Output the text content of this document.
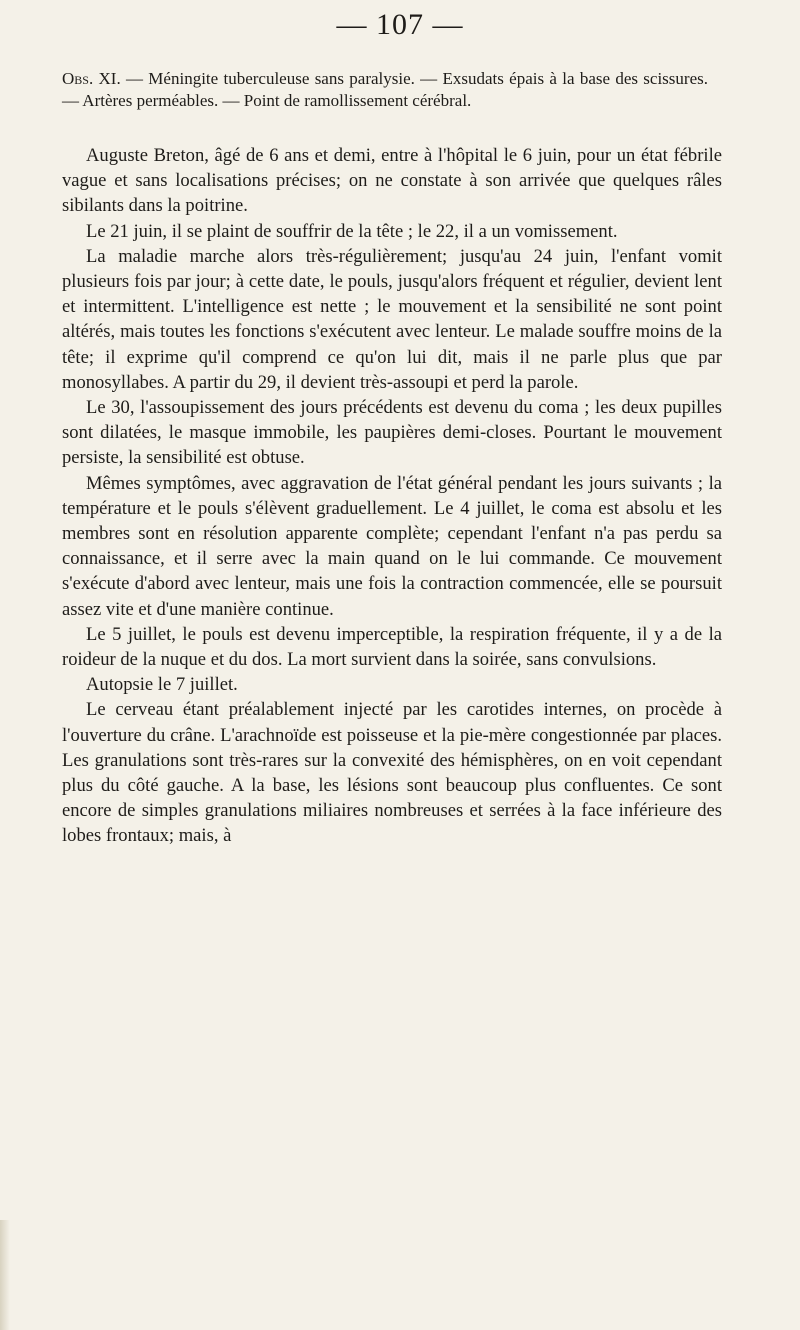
— 107 —
Obs. XI. — Méningite tuberculeuse sans paralysie. — Exsudats épais à la base des scissures. — Artères perméables. — Point de ramollissement cérébral.

Auguste Breton, âgé de 6 ans et demi, entre à l'hôpital le 6 juin, pour un état fébrile vague et sans localisations précises; on ne constate à son arrivée que quelques râles sibilants dans la poitrine.

Le 21 juin, il se plaint de souffrir de la tête ; le 22, il a un vomissement.

La maladie marche alors très-régulièrement; jusqu'au 24 juin, l'enfant vomit plusieurs fois par jour; à cette date, le pouls, jusqu'alors fréquent et régulier, devient lent et intermittent. L'intelligence est nette ; le mouvement et la sensibilité ne sont point altérés, mais toutes les fonctions s'exécutent avec lenteur. Le malade souffre moins de la tête; il exprime qu'il comprend ce qu'on lui dit, mais il ne parle plus que par monosyllabes. A partir du 29, il devient très-assoupi et perd la parole.

Le 30, l'assoupissement des jours précédents est devenu du coma ; les deux pupilles sont dilatées, le masque immobile, les paupières demi-closes. Pourtant le mouvement persiste, la sensibilité est obtuse.

Mêmes symptômes, avec aggravation de l'état général pendant les jours suivants ; la température et le pouls s'élèvent graduellement. Le 4 juillet, le coma est absolu et les membres sont en résolution apparente complète; cependant l'enfant n'a pas perdu sa connaissance, et il serre avec la main quand on le lui commande. Ce mouvement s'exécute d'abord avec lenteur, mais une fois la contraction commencée, elle se poursuit assez vite et d'une manière continue.

Le 5 juillet, le pouls est devenu imperceptible, la respiration fréquente, il y a de la roideur de la nuque et du dos. La mort survient dans la soirée, sans convulsions.

Autopsie le 7 juillet.

Le cerveau étant préalablement injecté par les carotides internes, on procède à l'ouverture du crâne. L'arachnoïde est poisseuse et la pie-mère congestionnée par places. Les granulations sont très-rares sur la convexité des hémisphères, on en voit cependant plus du côté gauche. A la base, les lésions sont beaucoup plus confluentes. Ce sont encore de simples granulations miliaires nombreuses et serrées à la face inférieure des lobes frontaux; mais, à
